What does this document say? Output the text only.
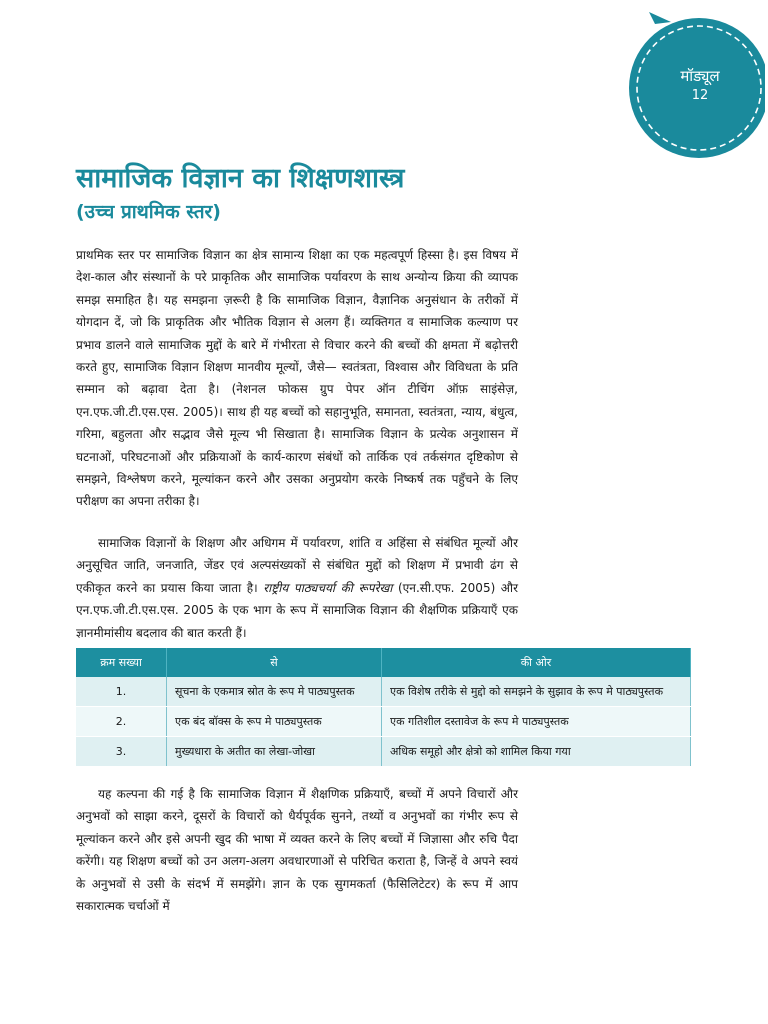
मॉड्यूल
12
सामाजिक विज्ञान का शिक्षणशास्त्र
(उच्च प्राथमिक स्तर)

प्राथमिक स्तर पर सामाजिक विज्ञान का क्षेत्र सामान्य शिक्षा का एक महत्वपूर्ण हिस्सा है। इस विषय में देश-काल और संस्थानों के परे प्राकृतिक और सामाजिक पर्यावरण के साथ अन्योन्य क्रिया की व्यापक समझ समाहित है। यह समझना ज़रूरी है कि सामाजिक विज्ञान, वैज्ञानिक अनुसंधान के तरीकों में योगदान दें, जो कि प्राकृतिक और भौतिक विज्ञान से अलग हैं। व्यक्तिगत व सामाजिक कल्याण पर प्रभाव डालने वाले सामाजिक मुद्दों के बारे में गंभीरता से विचार करने की बच्चों की क्षमता में बढ़ोत्तरी करते हुए, सामाजिक विज्ञान शिक्षण मानवीय मूल्यों, जैसे— स्वतंत्रता, विश्वास और विविधता के प्रति सम्मान को बढ़ावा देता है। (नेशनल फोकस ग्रुप पेपर ऑन टीचिंग ऑफ़ साइंसेज़, एन.एफ.जी.टी.एस.एस. 2005)। साथ ही यह बच्चों को सहानुभूति, समानता, स्वतंत्रता, न्याय, बंधुत्व, गरिमा, बहुलता और सद्भाव जैसे मूल्य भी सिखाता है। सामाजिक विज्ञान के प्रत्येक अनुशासन में घटनाओं, परिघटनाओं और प्रक्रियाओं के कार्य-कारण संबंधों को तार्किक एवं तर्कसंगत दृष्टिकोण से समझने, विश्लेषण करने, मूल्यांकन करने और उसका अनुप्रयोग करके निष्कर्ष तक पहुँचने के लिए परीक्षण का अपना तरीका है।

सामाजिक विज्ञानों के शिक्षण और अधिगम में पर्यावरण, शांति व अहिंसा से संबंधित मूल्यों और अनुसूचित जाति, जनजाति, जेंडर एवं अल्पसंख्यकों से संबंधित मुद्दों को शिक्षण में प्रभावी ढंग से एकीकृत करने का प्रयास किया जाता है। राष्ट्रीय पाठ्यचर्या की रूपरेखा (एन.सी.एफ. 2005) और एन.एफ.जी.टी.एस.एस. 2005 के एक भाग के रूप में सामाजिक विज्ञान की शैक्षणिक प्रक्रियाएँ एक ज्ञानमीमांसीय बदलाव की बात करती हैं।

क्रम सख्या	से	की ओर
1.	सूचना के एकमात्र स्रोत के रूप मे पाठ्यपुस्तक	एक विशेष तरीके से मुद्दो को समझने के सुझाव के रूप मे पाठ्यपुस्तक
2.	एक बंद बॉक्स के रूप मे पाठ्यपुस्तक	एक गतिशील दस्तावेज के रूप मे पाठ्यपुस्तक
3.	मुख्यधारा के अतीत का लेखा-जोखा	अधिक समूहो और क्षेत्रो को शामिल किया गया

यह कल्पना की गई है कि सामाजिक विज्ञान में शैक्षणिक प्रक्रियाएँ, बच्चों में अपने विचारों और अनुभवों को साझा करने, दूसरों के विचारों को धैर्यपूर्वक सुनने, तथ्यों व अनुभवों का गंभीर रूप से मूल्यांकन करने और इसे अपनी खुद की भाषा में व्यक्त करने के लिए बच्चों में जिज्ञासा और रुचि पैदा करेंगी। यह शिक्षण बच्चों को उन अलग-अलग अवधारणाओं से परिचित कराता है, जिन्हें वे अपने स्वयं के अनुभवों से उसी के संदर्भ में समझेंगे। ज्ञान के एक सुगमकर्ता (फैसिलिटेटर) के रूप में आप सकारात्मक चर्चाओं में
